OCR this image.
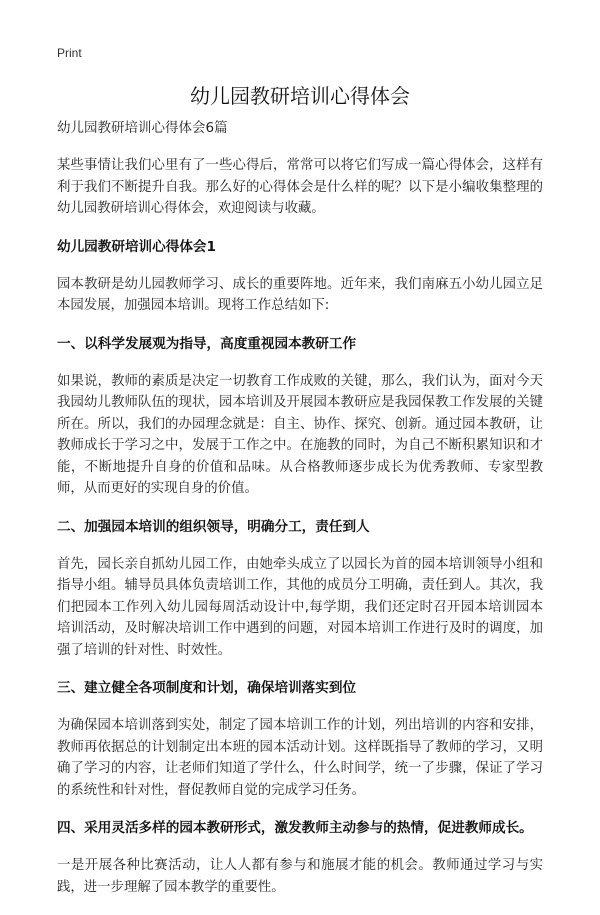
Print
幼儿园教研培训心得体会

幼儿园教研培训心得体会6篇

某些事情让我们心里有了一些心得后，常常可以将它们写成一篇心得体会，这样有利于我们不断提升自我。那么好的心得体会是什么样的呢？以下是小编收集整理的幼儿园教研培训心得体会，欢迎阅读与收藏。

幼儿园教研培训心得体会1

园本教研是幼儿园教师学习、成长的重要阵地。近年来，我们南麻五小幼儿园立足本园发展，加强园本培训。现将工作总结如下:

一、以科学发展观为指导，高度重视园本教研工作

如果说，教师的素质是决定一切教育工作成败的关键，那么，我们认为，面对今天我园幼儿教师队伍的现状，园本培训及开展园本教研应是我园保教工作发展的关键所在。所以，我们的办园理念就是：自主、协作、探究、创新。通过园本教研，让教师成长于学习之中，发展于工作之中。在施教的同时，为自己不断积累知识和才能，不断地提升自身的价值和品味。从合格教师逐步成长为优秀教师、专家型教师，从而更好的实现自身的价值。

二、加强园本培训的组织领导，明确分工，责任到人

首先，园长亲自抓幼儿园工作，由她牵头成立了以园长为首的园本培训领导小组和指导小组。辅导员具体负责培训工作，其他的成员分工明确，责任到人。其次，我们把园本工作列入幼儿园每周活动设计中,每学期，我们还定时召开园本培训园本培训活动，及时解决培训工作中遇到的问题，对园本培训工作进行及时的调度，加强了培训的针对性、时效性。

三、建立健全各项制度和计划，确保培训落实到位

为确保园本培训落到实处，制定了园本培训工作的计划，列出培训的内容和安排，教师再依据总的计划制定出本班的园本活动计划。这样既指导了教师的学习，又明确了学习的内容，让老师们知道了学什么，什么时间学，统一了步骤，保证了学习的系统性和针对性，督促教师自觉的完成学习任务。

四、采用灵活多样的园本教研形式，激发教师主动参与的热情，促进教师成长。

一是开展各种比赛活动，让人人都有参与和施展才能的机会。教师通过学习与实践，进一步理解了园本教学的重要性。
